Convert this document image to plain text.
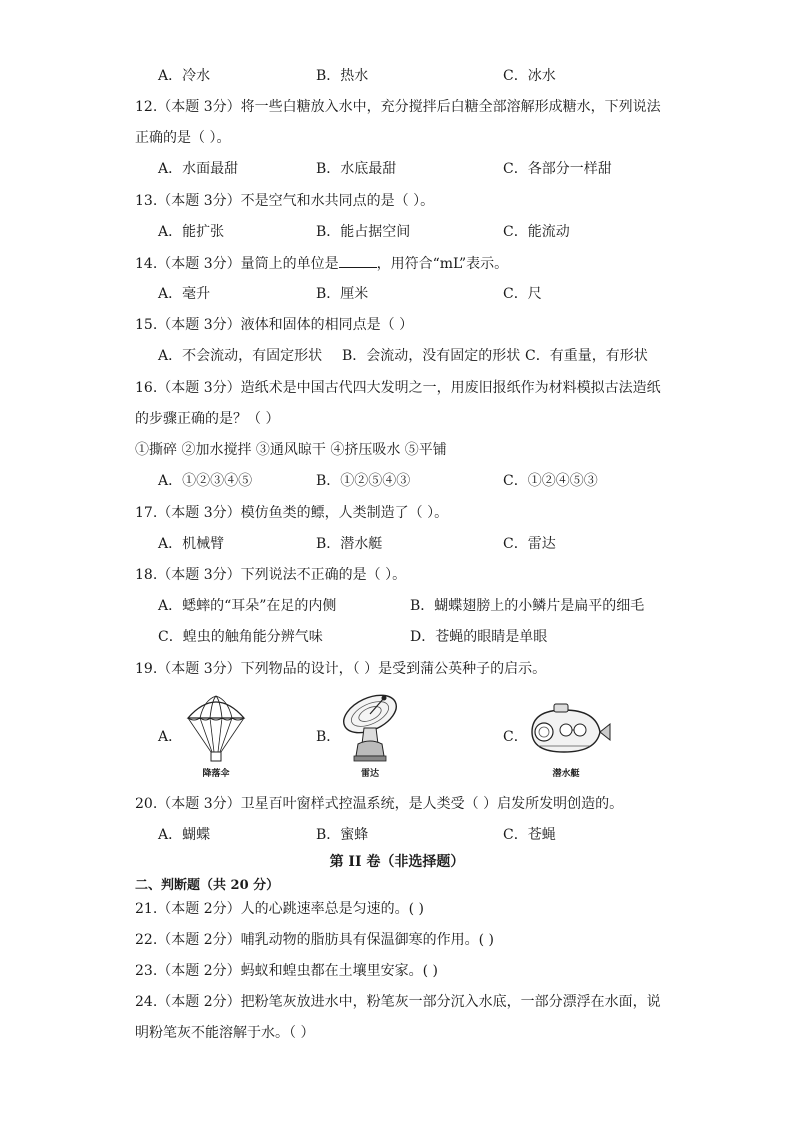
A．冷水	B．热水	C．冰水
12.（本题 3分）将一些白糖放入水中，充分搅拌后白糖全部溶解形成糖水，下列说法
正确的是（ ）。
A．水面最甜	B．水底最甜	C．各部分一样甜
13.（本题 3分）不是空气和水共同点的是（ ）。
A．能扩张	B．能占据空间	C．能流动
14.（本题 3分）量筒上的单位是	，用符合“mL”表示。
A．毫升	B．厘米	C．尺
15.（本题 3分）液体和固体的相同点是（ ）
A．不会流动，有固定形状 B．会流动，没有固定的形状 C．有重量，有形状
16.（本题 3分）造纸术是中国古代四大发明之一，用废旧报纸作为材料模拟古法造纸
的步骤正确的是？（ ）
①撕碎 ②加水搅拌 ③通风晾干 ④挤压吸水 ⑤平铺
A．①②③④⑤	B．①②⑤④③	C．①②④⑤③
17.（本题 3分）模仿鱼类的鳔，人类制造了（ ）。
A．机械臂	B．潜水艇	C．雷达
18.（本题 3分）下列说法不正确的是（ ）。
A．蟋蟀的“耳朵”在足的内侧	B．蝴蝶翅膀上的小鳞片是扁平的细毛
C．蝗虫的触角能分辨气味	D．苍蝇的眼睛是单眼
19.（本题 3分）下列物品的设计，（ ）是受到蒲公英种子的启示。
A．	B．	C．
降落伞	雷达	潜水艇
20.（本题 3分）卫星百叶窗样式控温系统，是人类受（ ）启发所发明创造的。
A．蝴蝶	B．蜜蜂	C．苍蝇
第 II 卷（非选择题）
二、判断题（共 20 分）
21.（本题 2分）人的心跳速率总是匀速的。( )
22.（本题 2分）哺乳动物的脂肪具有保温御寒的作用。( )
23.（本题 2分）蚂蚁和蝗虫都在土壤里安家。( )
24.（本题 2分）把粉笔灰放进水中，粉笔灰一部分沉入水底，一部分漂浮在水面，说
明粉笔灰不能溶解于水。（ ）
